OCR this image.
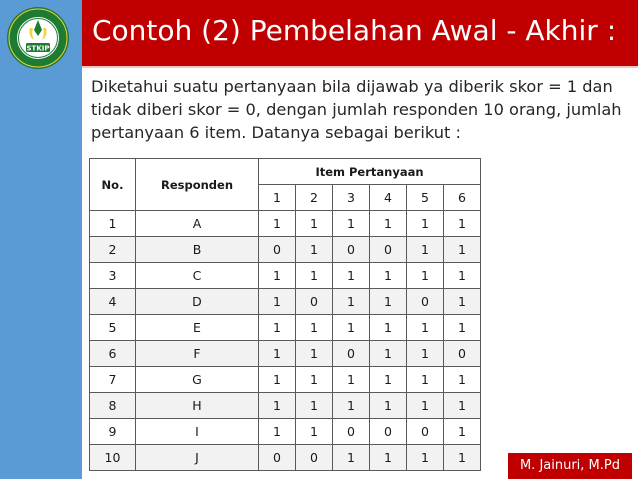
STKIP
Contoh (2) Pembelahan Awal - Akhir :
Diketahui suatu pertanyaan bila dijawab ya diberik skor = 1 dan tidak diberi skor = 0, dengan jumlah responden 10 orang, jumlah pertanyaan 6 item. Datanya sebagai berikut :
No.	Responden	Item Pertanyaan					
		1	2	3	4	5	6
1	A	1	1	1	1	1	1
2	B	0	1	0	0	1	1
3	C	1	1	1	1	1	1
4	D	1	0	1	1	0	1
5	E	1	1	1	1	1	1
6	F	1	1	0	1	1	0
7	G	1	1	1	1	1	1
8	H	1	1	1	1	1	1
9	I	1	1	0	0	0	1
10	J	0	0	1	1	1	1
M. Jainuri, M.Pd
